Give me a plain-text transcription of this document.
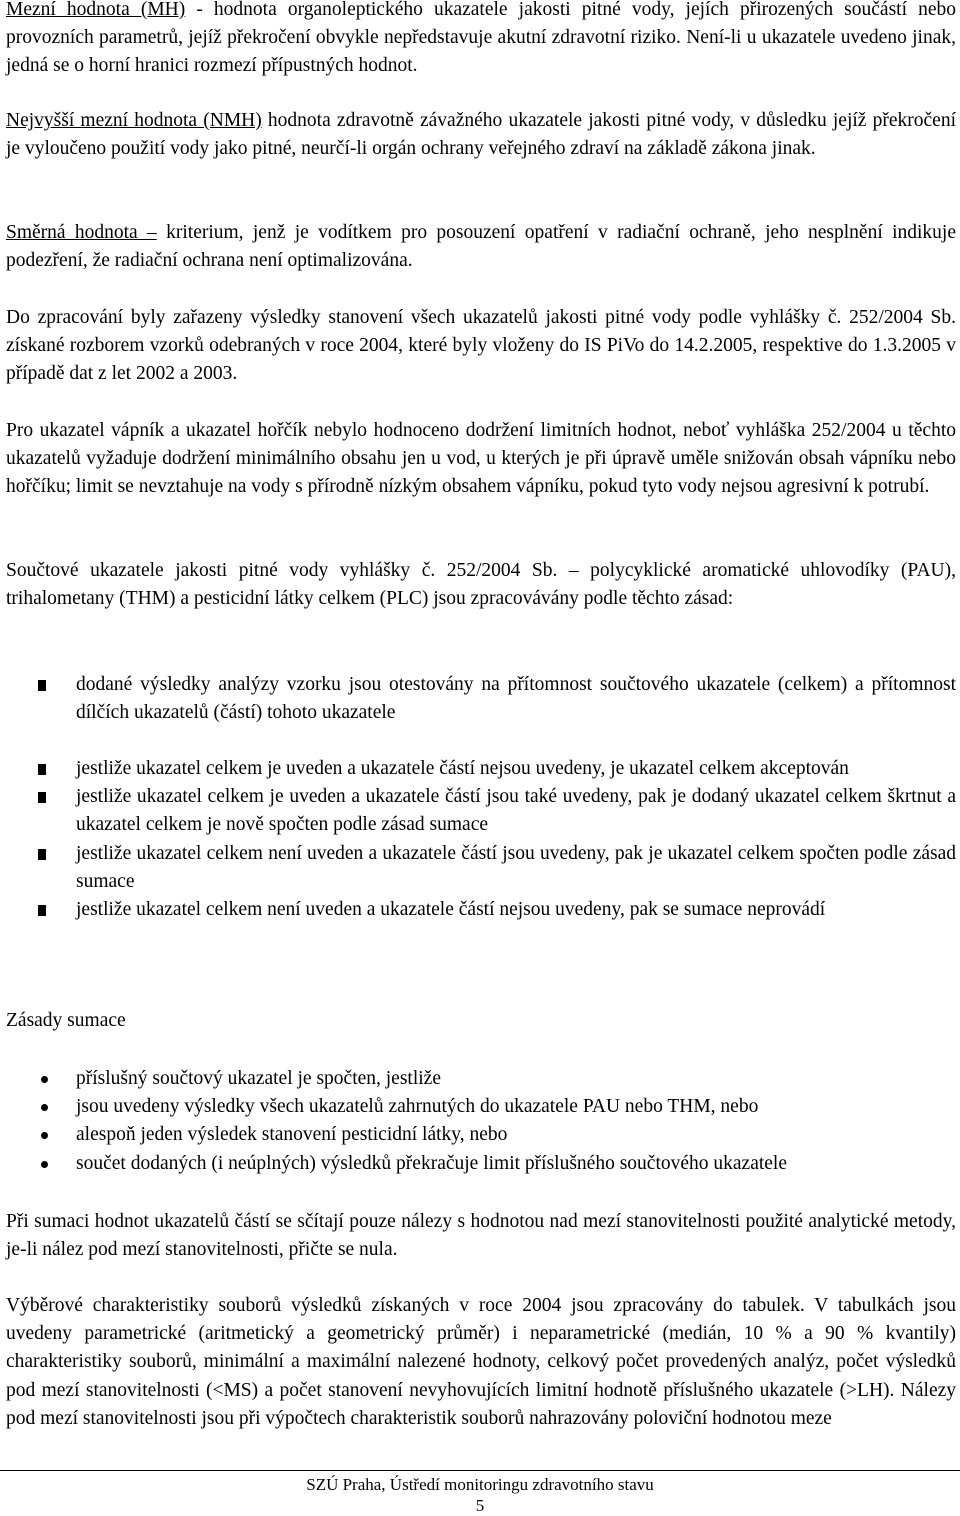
Mezní hodnota (MH) - hodnota organoleptického ukazatele jakosti pitné vody, jejích přirozených součástí nebo provozních parametrů, jejíž překročení obvykle nepředstavuje akutní zdravotní riziko. Není-li u ukazatele uvedeno jinak, jedná se o horní hranici rozmezí přípustných hodnot.

Nejvyšší mezní hodnota (NMH) hodnota zdravotně závažného ukazatele jakosti pitné vody, v důsledku jejíž překročení je vyloučeno použití vody jako pitné, neurčí-li orgán ochrany veřejného zdraví na základě zákona jinak.

Směrná hodnota – kriterium, jenž je vodítkem pro posouzení opatření v radiační ochraně, jeho nesplnění indikuje podezření, že radiační ochrana není optimalizována.

Do zpracování byly zařazeny výsledky stanovení všech ukazatelů jakosti pitné vody podle vyhlášky č. 252/2004 Sb. získané rozborem vzorků odebraných v roce 2004, které byly vloženy do IS PiVo do 14.2.2005, respektive do 1.3.2005 v případě dat z let 2002 a 2003.

Pro ukazatel vápník a ukazatel hořčík nebylo hodnoceno dodržení limitních hodnot, neboť vyhláška 252/2004 u těchto ukazatelů vyžaduje dodržení minimálního obsahu jen u vod, u kterých je při úpravě uměle snižován obsah vápníku nebo hořčíku; limit se nevztahuje na vody s přírodně nízkým obsahem vápníku, pokud tyto vody nejsou agresivní k potrubí.

Součtové ukazatele jakosti pitné vody vyhlášky č. 252/2004 Sb. – polycyklické aromatické uhlovodíky (PAU), trihalometany (THM) a pesticidní látky celkem (PLC) jsou zpracovávány podle těchto zásad:

dodané výsledky analýzy vzorku jsou otestovány na přítomnost součtového ukazatele (celkem) a přítomnost dílčích ukazatelů (částí) tohoto ukazatele

jestliže ukazatel celkem je uveden a ukazatele částí nejsou uvedeny, je ukazatel celkem akceptován

jestliže ukazatel celkem je uveden a ukazatele částí jsou také uvedeny, pak je dodaný ukazatel celkem škrtnut a ukazatel celkem je nově spočten podle zásad sumace

jestliže ukazatel celkem není uveden a ukazatele částí jsou uvedeny, pak je ukazatel celkem spočten podle zásad sumace

jestliže ukazatel celkem není uveden a ukazatele částí nejsou uvedeny, pak se sumace neprovádí

Zásady sumace

příslušný součtový ukazatel je spočten, jestliže

jsou uvedeny výsledky všech ukazatelů zahrnutých do ukazatele PAU nebo THM, nebo

alespoň jeden výsledek stanovení pesticidní látky, nebo

součet dodaných (i neúplných) výsledků překračuje limit příslušného součtového ukazatele

Při sumaci hodnot ukazatelů částí se sčítají pouze nálezy s hodnotou nad mezí stanovitelnosti použité analytické metody, je-li nález pod mezí stanovitelnosti, přičte se nula.

Výběrové charakteristiky souborů výsledků získaných v roce 2004 jsou zpracovány do tabulek. V tabulkách jsou uvedeny parametrické (aritmetický a geometrický průměr) i neparametrické (medián, 10 % a 90 % kvantily) charakteristiky souborů, minimální a maximální nalezené hodnoty, celkový počet provedených analýz, počet výsledků pod mezí stanovitelnosti (<MS) a počet stanovení nevyhovujících limitní hodnotě příslušného ukazatele (>LH). Nálezy pod mezí stanovitelnosti jsou při výpočtech charakteristik souborů nahrazovány poloviční hodnotou meze

SZÚ Praha, Ústředí monitoringu zdravotního stavu
5
